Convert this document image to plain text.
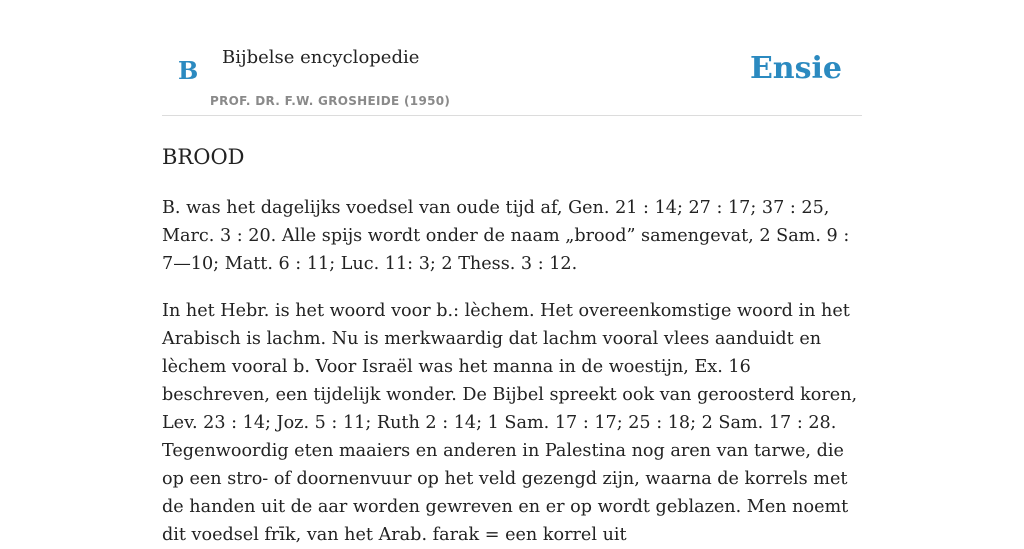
B Bijbelse encyclopedie
PROF. DR. F.W. GROSHEIDE (1950)
Ensie
BROOD

B. was het dagelijks voedsel van oude tijd af, Gen. 21 : 14; 27 : 17; 37 : 25, Marc. 3 : 20. Alle spijs wordt onder de naam „brood” samengevat, 2 Sam. 9 : 7—10; Matt. 6 : 11; Luc. 11: 3; 2 Thess. 3 : 12.

In het Hebr. is het woord voor b.: lèchem. Het overeenkomstige woord in het Arabisch is lachm. Nu is merkwaardig dat lachm vooral vlees aanduidt en lèchem vooral b. Voor Israël was het manna in de woestijn, Ex. 16 beschreven, een tijdelijk wonder. De Bijbel spreekt ook van geroosterd koren, Lev. 23 : 14; Joz. 5 : 11; Ruth 2 : 14; 1 Sam. 17 : 17; 25 : 18; 2 Sam. 17 : 28. Tegenwoordig eten maaiers en anderen in Palestina nog aren van tarwe, die op een stro- of doornenvuur op het veld gezengd zijn, waarna de korrels met de handen uit de aar worden gewreven en er op wordt geblazen. Men noemt dit voedsel frīk, van het Arab. farak = een korrel uit
